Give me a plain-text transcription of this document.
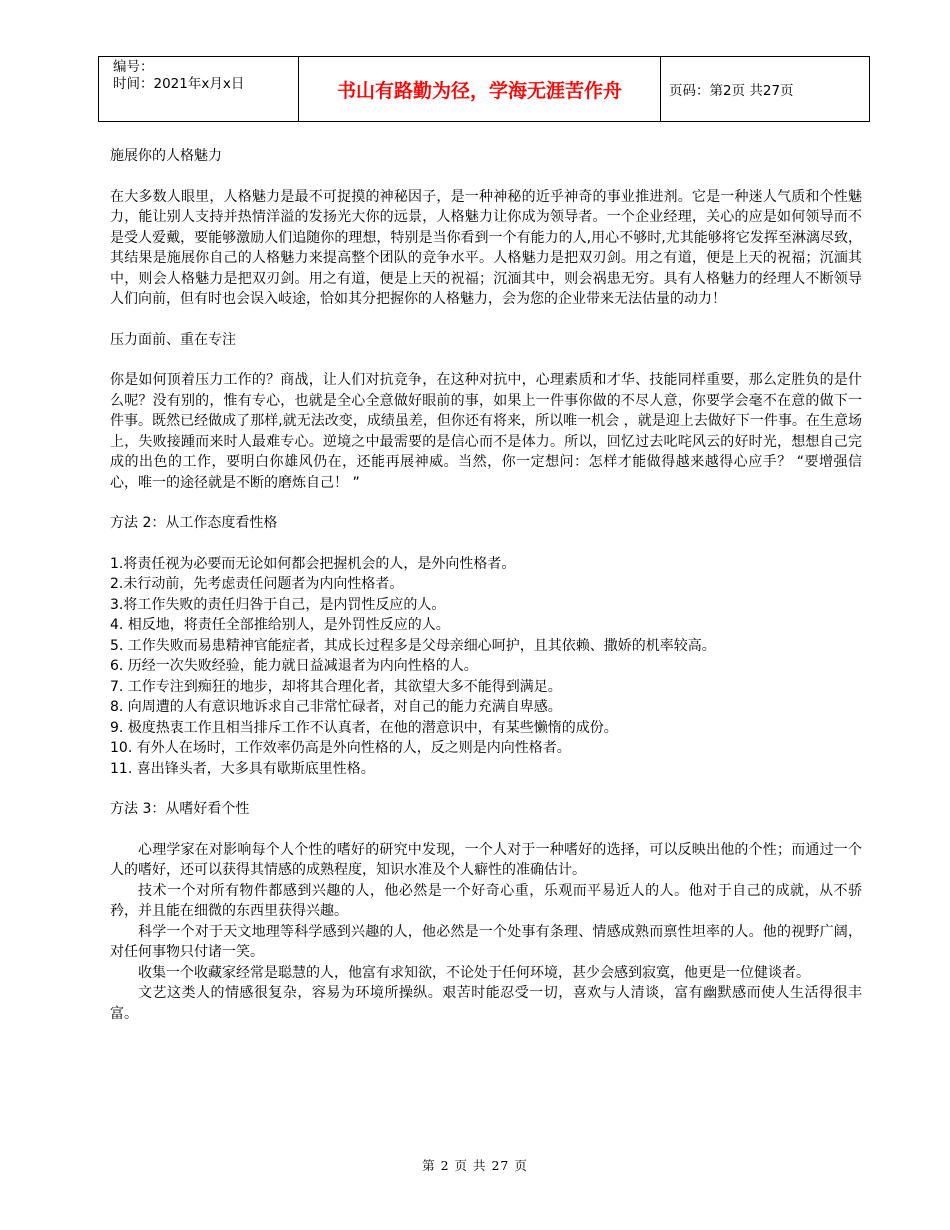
编号：
时间：2021年x月x日	书山有路勤为径，学海无涯苦作舟	页码：第2页 共27页

施展你的人格魅力

在大多数人眼里，人格魅力是最不可捉摸的神秘因子，是一种神秘的近乎神奇的事业推进剂。它是一种迷人气质和个性魅力，能让别人支持并热情洋溢的发扬光大你的远景，人格魅力让你成为领导者。一个企业经理，关心的应是如何领导而不是受人爱戴，要能够激励人们追随你的理想，特别是当你看到一个有能力的人,用心不够时,尤其能够将它发挥至淋漓尽致，其结果是施展你自己的人格魅力来提高整个团队的竞争水平。人格魅力是把双刃剑。用之有道，便是上天的祝福；沉湎其中，则会人格魅力是把双刃剑。用之有道，便是上天的祝福；沉湎其中，则会祸患无穷。具有人格魅力的经理人不断领导人们向前，但有时也会误入岐途，恰如其分把握你的人格魅力，会为您的企业带来无法估量的动力！

压力面前、重在专注

你是如何顶着压力工作的？商战，让人们对抗竞争，在这种对抗中，心理素质和才华、技能同样重要，那么定胜负的是什么呢？没有别的，惟有专心，也就是全心全意做好眼前的事，如果上一件事你做的不尽人意，你要学会毫不在意的做下一件事。既然已经做成了那样,就无法改变，成绩虽差，但你还有将来，所以唯一机会 ，就是迎上去做好下一件事。在生意场上，失败接踵而来时人最难专心。逆境之中最需要的是信心而不是体力。所以，回忆过去叱咤风云的好时光，想想自己完成的出色的工作，要明白你雄风仍在，还能再展神威。当然，你一定想问：怎样才能做得越来越得心应手？ “要增强信心，唯一的途径就是不断的磨炼自己！ ”

方法 2：从工作态度看性格

1.将责任视为必要而无论如何都会把握机会的人，是外向性格者。

2.未行动前，先考虑责任问题者为内向性格者。

3.将工作失败的责任归咎于自己，是内罚性反应的人。

4. 相反地，将责任全部推给别人，是外罚性反应的人。

5. 工作失败而易患精神官能症者，其成长过程多是父母亲细心呵护，且其依赖、撒娇的机率较高。

6. 历经一次失败经验，能力就日益减退者为内向性格的人。

7. 工作专注到痴狂的地步，却将其合理化者，其欲望大多不能得到满足。

8. 向周遭的人有意识地诉求自己非常忙碌者，对自己的能力充满自卑感。

9. 极度热衷工作且相当排斥工作不认真者，在他的潜意识中，有某些懒惰的成份。

10. 有外人在场时，工作效率仍高是外向性格的人，反之则是内向性格者。

11. 喜出锋头者，大多具有歇斯底里性格。

方法 3：从嗜好看个性

心理学家在对影响每个人个性的嗜好的研究中发现，一个人对于一种嗜好的选择，可以反映出他的个性；而通过一个人的嗜好，还可以获得其情感的成熟程度，知识水准及个人癖性的准确估计。

技术一个对所有物件都感到兴趣的人，他必然是一个好奇心重，乐观而平易近人的人。他对于自己的成就，从不骄矜，并且能在细微的东西里获得兴趣。

科学一个对于天文地理等科学感到兴趣的人，他必然是一个处事有条理、情感成熟而禀性坦率的人。他的视野广阔，对任何事物只付诸一笑。

收集一个收藏家经常是聪慧的人，他富有求知欲，不论处于任何环境，甚少会感到寂寞，他更是一位健谈者。

文艺这类人的情感很复杂，容易为环境所操纵。艰苦时能忍受一切，喜欢与人清谈，富有幽默感而使人生活得很丰富。

第 2 页 共 27 页
